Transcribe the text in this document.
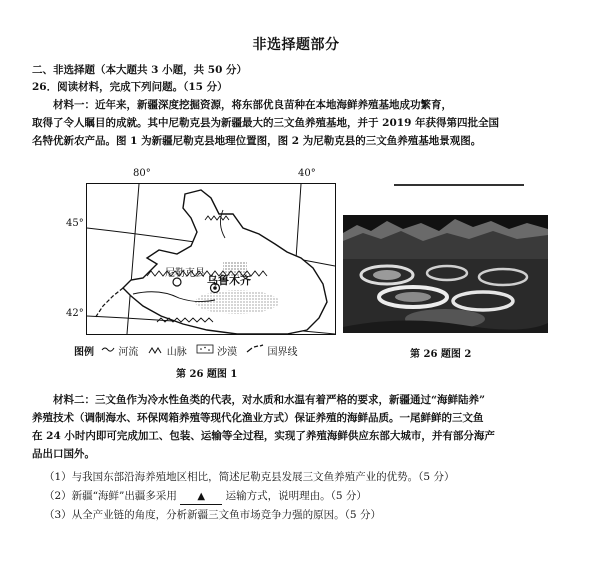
非选择题部分
二、非选择题（本大题共 3 小题，共 50 分）
26．阅读材料，完成下列问题。（15 分）
　　材料一：近年来，新疆深度挖掘资源，将东部优良苗种在本地海鲜养殖基地成功繁育，
取得了令人瞩目的成就。其中尼勒克县为新疆最大的三文鱼养殖基地，并于 2019 年获得第四批全国
名特优新农产品。图 1 为新疆尼勒克县地理位置图，图 2 为尼勒克县的三文鱼养殖基地景观图。
80°	40°
45°
42°
尼勒克县
乌鲁木齐
图例 河流	山脉	沙漠	国界线
第 26 题图 1
第 26 题图 2
　　材料二：三文鱼作为冷水性鱼类的代表，对水质和水温有着严格的要求，新疆通过“海鲜陆养”
养殖技术（调制海水、环保网箱养殖等现代化渔业方式）保证养殖的海鲜品质。一尾鲜鲜的三文鱼
在 24 小时内即可完成加工、包装、运输等全过程，实现了养殖海鲜供应东部大城市，并有部分海产
品出口国外。
（1）与我国东部沿海养殖地区相比，简述尼勒克县发展三文鱼养殖产业的优势。（5 分）
（2）新疆“海鲜”出疆多采用 ▲ 运输方式，说明理由。（5 分）
（3）从全产业链的角度，分析新疆三文鱼市场竞争力强的原因。（5 分）
